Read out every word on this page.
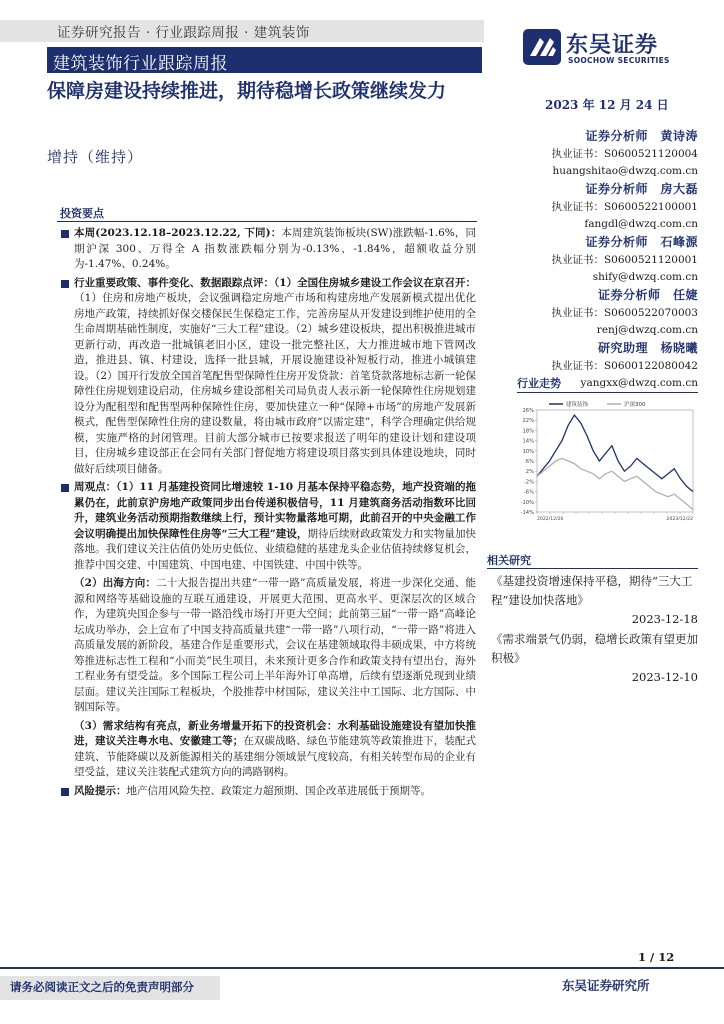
证券研究报告 · 行业跟踪周报 · 建筑装饰
建筑装饰行业跟踪周报
东吴证券
SOOCHOW SECURITIES
保障房建设持续推进，期待稳增长政策继续发力
增持（维持）
2023 年 12 月 24 日
证券分析师　黄诗涛
执业证书：S0600521120004
huangshitao@dwzq.com.cn
证券分析师　房大磊
执业证书：S0600522100001
fangdl@dwzq.com.cn
证券分析师　石峰源
执业证书：S0600521120001
shify@dwzq.com.cn
证券分析师　任婕
执业证书：S0600522070003
renj@dwzq.com.cn
研究助理　杨晓曦
执业证书：S0600122080042
yangxx@dwzq.com.cn
行业走势
26%
22%
18%
14%
10%
6%
2%
-2%
-6%
-10%
-14%
2022/12/26	2023/12/22
建筑装饰	沪深300
相关研究
《基建投资增速保持平稳，期待“三大工程”建设加快落地》
2023-12-18
《需求端景气仍弱，稳增长政策有望更加积极》
2023-12-10
投资要点
本周(2023.12.18–2023.12.22, 下同)：本周建筑装饰板块(SW)涨跌幅-1.6%，同期沪深 300、万得全 A 指数涨跌幅分别为-0.13%、-1.84%，超额收益分别为-1.47%、0.24%。
行业重要政策、事件变化、数据跟踪点评：（1）全国住房城乡建设工作会议在京召开：（1）住房和房地产板块，会议强调稳定房地产市场和构建房地产发展新模式提出优化房地产政策，持续抓好保交楼保民生保稳定工作，完善房屋从开发建设到维护使用的全生命周期基础性制度，实施好“三大工程”建设。（2）城乡建设板块，提出积极推进城市更新行动，再改造一批城镇老旧小区，建设一批完整社区，大力推进城市地下管网改造，推进县、镇、村建设，选择一批县城，开展设施建设补短板行动，推进小城镇建设。（2）国开行发放全国首笔配售型保障性住房开发贷款：首笔贷款落地标志新一轮保障性住房规划建设启动，住房城乡建设部相关司局负责人表示新一轮保障性住房规划建设分为配租型和配售型两种保障性住房，要加快建立一种“保障+市场”的房地产发展新模式，配售型保障性住房的建设数量，将由城市政府“以需定建”，科学合理确定供给规模，实施严格的封闭管理。目前大部分城市已按要求报送了明年的建设计划和建设项目，住房城乡建设部正在会同有关部门督促地方将建设项目落实到具体建设地块，同时做好后续项目储备。
周观点：（1）11 月基建投资同比增速较 1-10 月基本保持平稳态势，地产投资端的拖累仍在，此前京沪房地产政策同步出台传递积极信号，11 月建筑商务活动指数环比回升，建筑业务活动预期指数继续上行，预计实物量落地可期，此前召开的中央金融工作会议明确提出加快保障性住房等“三大工程”建设，期待后续财政政策发力和实物量加快落地。我们建议关注估值仍处历史低位、业绩稳健的基建龙头企业估值持续修复机会，推荐中国交建、中国建筑、中国电建、中国铁建、中国中铁等。
（2）出海方向：二十大报告提出共建“一带一路”高质量发展，将进一步深化交通、能源和网络等基础设施的互联互通建设，开展更大范围、更高水平、更深层次的区域合作，为建筑央国企参与一带一路沿线市场打开更大空间；此前第三届“一带一路”高峰论坛成功举办，会上宣布了中国支持高质量共建“一带一路”八项行动，“一带一路”将进入高质量发展的新阶段，基建合作是重要形式，会议在基建领域取得丰硕成果，中方将统筹推进标志性工程和“小而美”民生项目，未来预计更多合作和政策支持有望出台，海外工程业务有望受益。多个国际工程公司上半年海外订单高增，后续有望逐渐兑现到业绩层面。建议关注国际工程板块，个股推荐中材国际，建议关注中工国际、北方国际、中钢国际等。
（3）需求结构有亮点，新业务增量开拓下的投资机会：水利基础设施建设有望加快推进，建议关注粤水电、安徽建工等；在双碳战略、绿色节能建筑等政策推进下，装配式建筑、节能降碳以及新能源相关的基建细分领域景气度较高，有相关转型布局的企业有望受益，建议关注装配式建筑方向的鸿路钢构。
风险提示：地产信用风险失控、政策定力超预期、国企改革进展低于预期等。
1 / 12
请务必阅读正文之后的免责声明部分	东吴证券研究所
